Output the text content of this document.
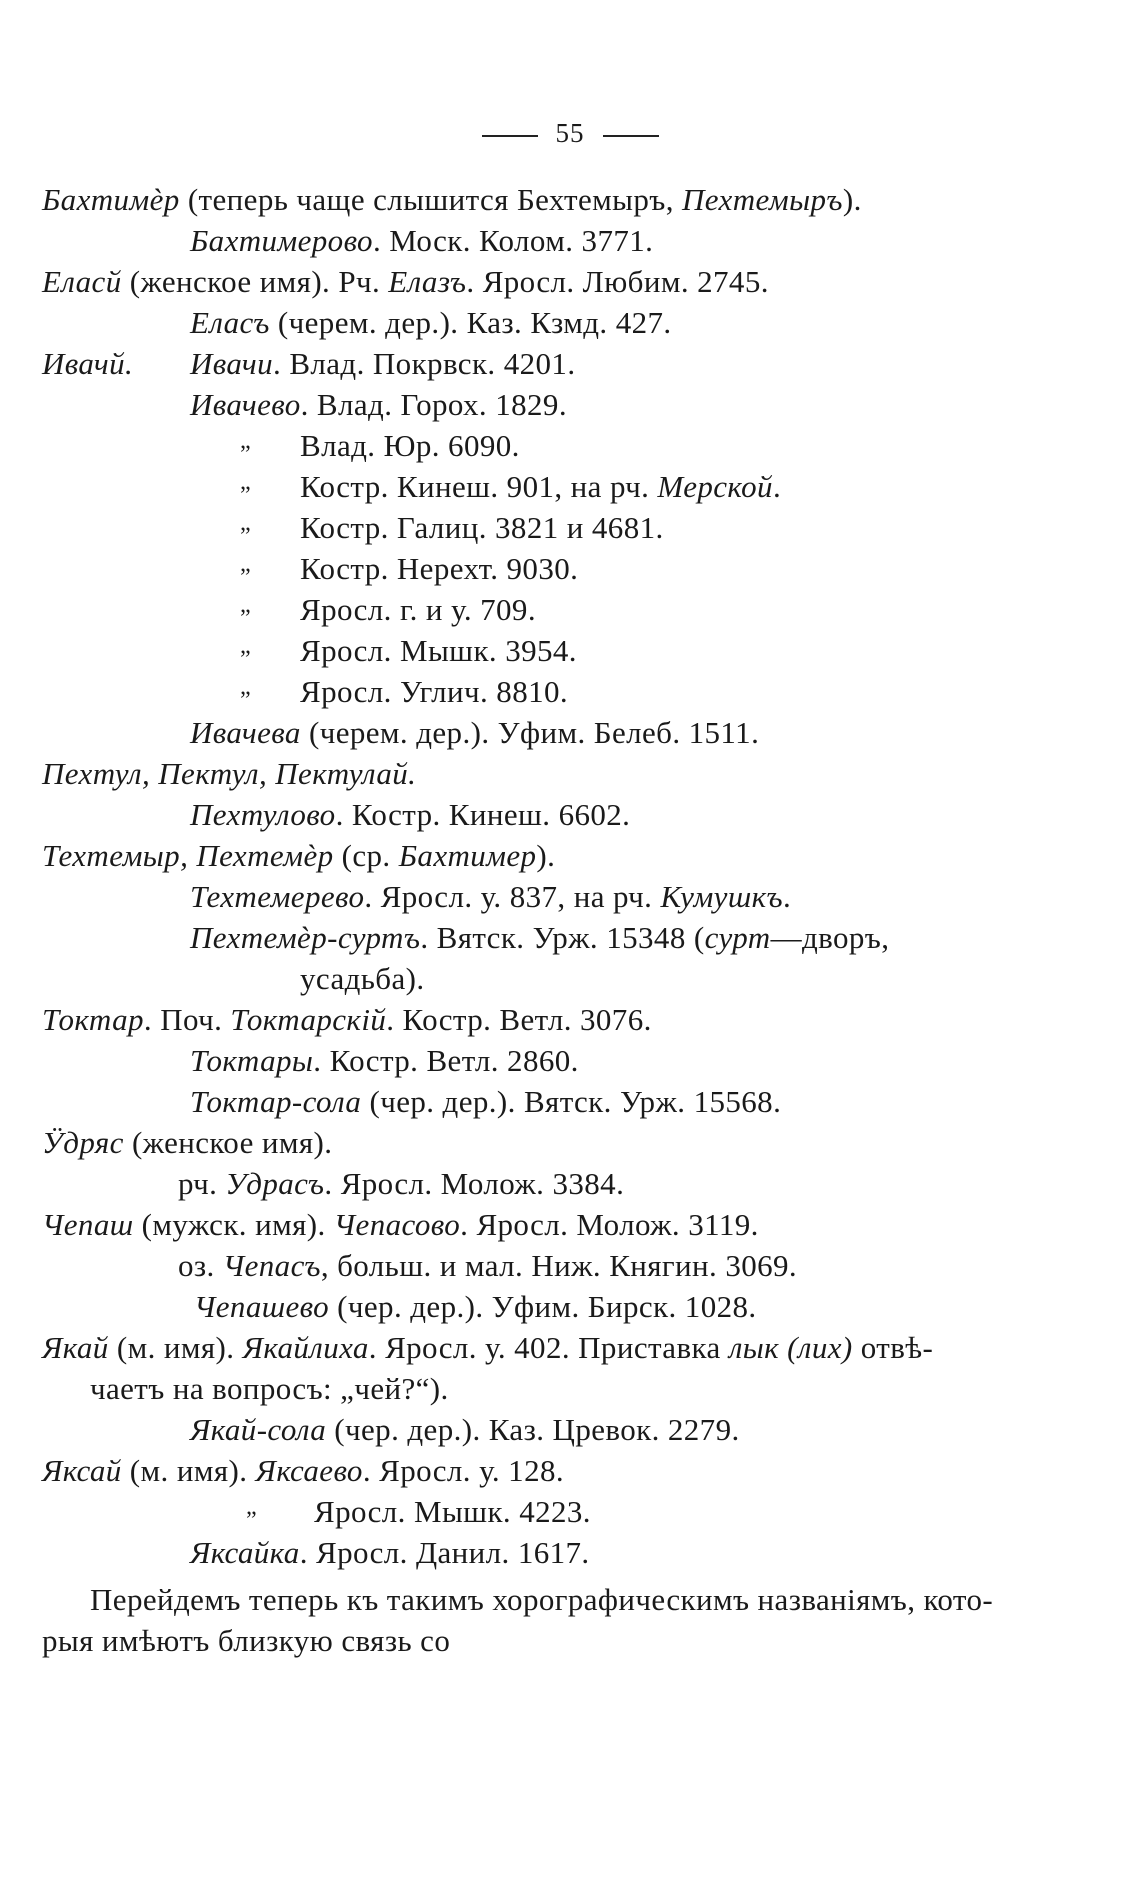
55
Бахтимѐр (теперь чаще слышится Бехтемыръ, Пехтемыръ).
Бахтимерово. Моск. Колом. 3771.
Еласй (женское имя). Рч. Елазъ. Яросл. Любим. 2745.
Еласъ (черем. дер.). Каз. Кзмд. 427.
Ивачй. Ивачи. Влад. Покрвск. 4201.
Ивачево. Влад. Горох. 1829.
„ Влад. Юр. 6090.
„ Костр. Кинеш. 901, на рч. Мерской.
„ Костр. Галиц. 3821 и 4681.
„ Костр. Нерехт. 9030.
„ Яросл. г. и у. 709.
„ Яросл. Мышк. 3954.
„ Яросл. Углич. 8810.
Ивачева (черем. дер.). Уфим. Белеб. 1511.
Пехтул, Пектул, Пектулай.
Пехтулово. Костр. Кинеш. 6602.
Техтемыр, Пехтемѐр (ср. Бахтимер).
Техтемерево. Яросл. у. 837, на рч. Кумушкъ.
Пехтемѐр-суртъ. Вятск. Урж. 15348 (сурт—дворъ,
усадьба).
Токтар. Поч. Токтарскій. Костр. Ветл. 3076.
Токтары. Костр. Ветл. 2860.
Токтар-сола (чер. дер.). Вятск. Урж. 15568.
Ӱдряс (женское имя).
рч. Удрасъ. Яросл. Молож. 3384.
Чепаш (мужск. имя). Чепасово. Яросл. Молож. 3119.
оз. Чепасъ, больш. и мал. Ниж. Княгин. 3069.
Чепашево (чер. дер.). Уфим. Бирск. 1028.
Якай (м. имя). Якайлиха. Яросл. у. 402. Приставка лык (лих) отвѣ-
чаетъ на вопросъ: „чей?“).
Якай-сола (чер. дер.). Каз. Цревок. 2279.
Яксай (м. имя). Яксаево. Яросл. у. 128.
„ Яросл. Мышк. 4223.
Яксайка. Яросл. Данил. 1617.
Перейдемъ теперь къ такимъ хорографическимъ названіямъ, кото-
рыя имѣютъ близкую связь со
